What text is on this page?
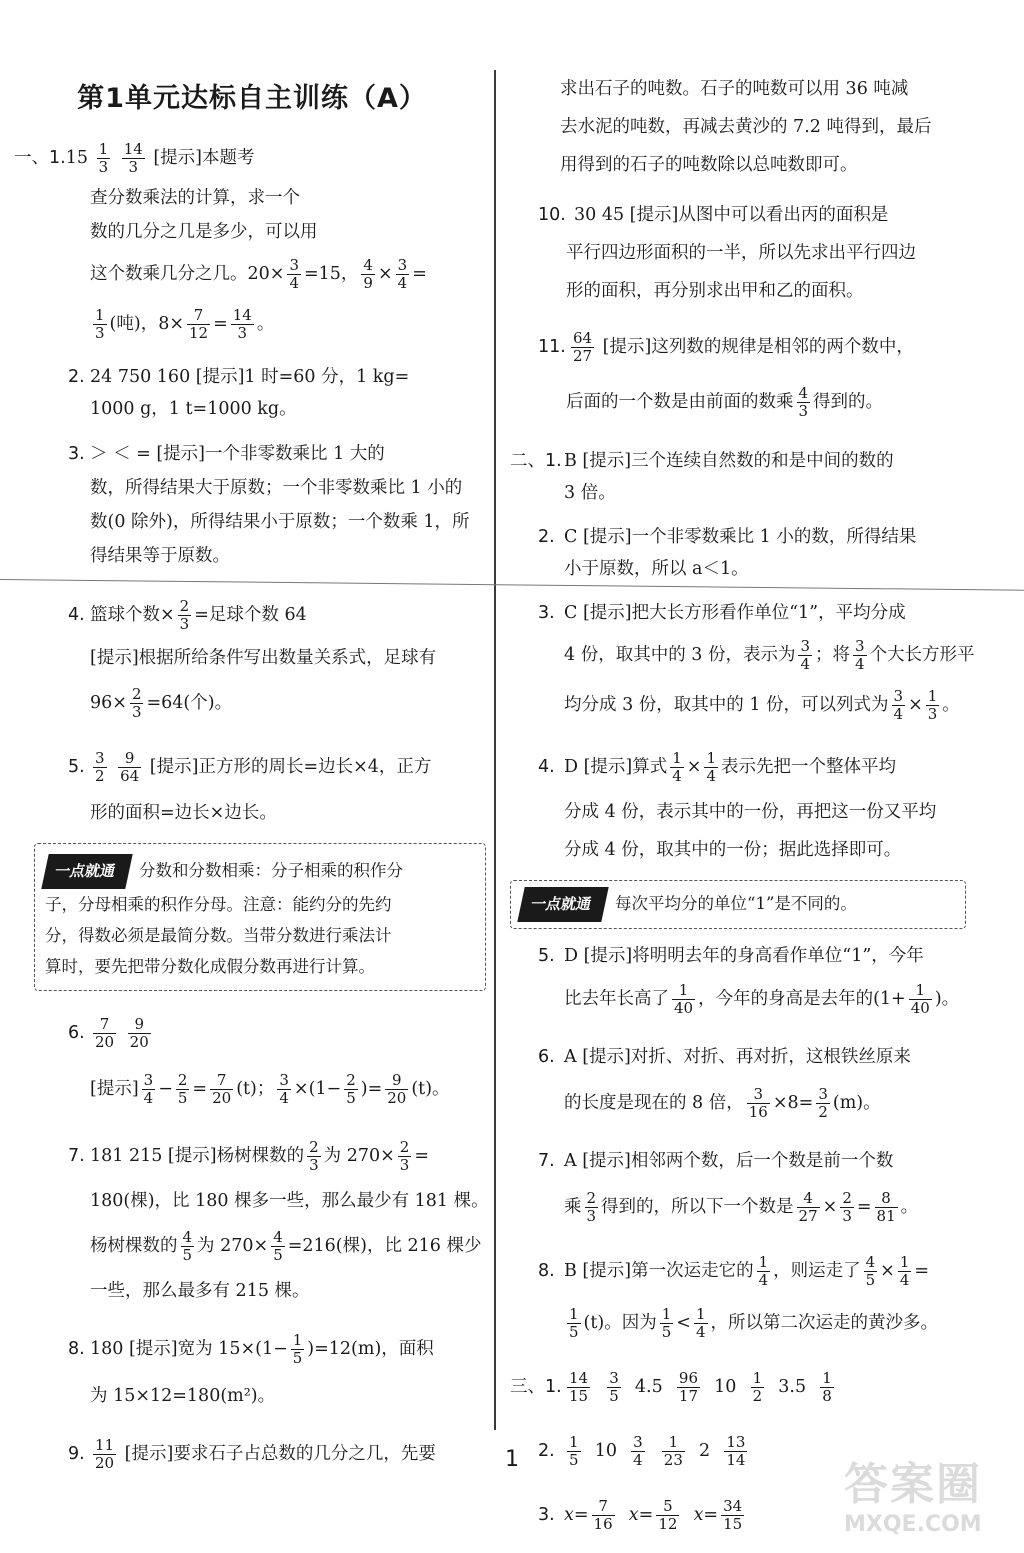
第1单元达标自主训练（A）

一、$1.15 \frac{1}{3}$
$\frac{14}{3}$ [提示]本题考

查分数乘法的计算，求一个

数的几分之几是多少，可以用

这个数乘几分之几。$20\times \frac{3}{4} =15$， $\frac{4}{9} \times \frac{3}{4}$ =

$\frac{1}{3}$ (吨)，$8\times \frac{7}{12} = \frac{14}{3}$ 。

2. 24 750 160 [提示]1 时=60 分，1 kg=

1000 g，1 t=1000 kg。

3. ＞ ＜ = [提示]一个非零数乘比 1 大的

数，所得结果大于原数；一个非零数乘比 1 小的

数(0 除外)，所得结果小于原数；一个数乘 1，所

得结果等于原数。

4. 篮球个数× $\frac{2}{3}$ =足球个数 64

[提示]根据所给条件写出数量关系式，足球有

$96\times \frac{2}{3} =64$(个)。

5. $\frac{3}{2}$
$\frac{9}{64}$ [提示]正方形的周长=边长×4，正方

形的面积=边长×边长。

一点就通 分数和分数相乘：分子相乘的积作分
子，分母相乘的积作分母。注意：能约分的先约
分，得数必须是最简分数。当带分数进行乘法计
算时，要先把带分数化成假分数再进行计算。

6. $\frac{7}{20}$
$\frac{9}{20}$

[提示] $\frac{3}{4} - \frac{2}{5} = \frac{7}{20} (t)$； $\frac{3}{4} \times(1- \frac{2}{5}$ )= $\frac{9}{20} (t)$。

7. 181 215 [提示]杨树棵数的 $\frac{2}{3}$ 为 $270\times \frac{2}{3}$ =

180(棵)，比 180 棵多一些，那么最少有 181 棵。

杨树棵数的 $\frac{4}{5}$ 为 $270\times \frac{4}{5} =216$(棵)，比 216 棵少

一些，那么最多有 215 棵。

8. 180 [提示]宽为 $15\times(1- \frac{1}{5} )=12(m)$，面积

为 15×12=180(m²)。

9. $\frac{11}{20}$ [提示]要求石子占总数的几分之几，先要

求出石子的吨数。石子的吨数可以用 36 吨减

去水泥的吨数，再减去黄沙的 7.2 吨得到，最后

用得到的石子的吨数除以总吨数即可。

10. 30 45 [提示]从图中可以看出丙的面积是

平行四边形面积的一半，所以先求出平行四边

形的面积，再分别求出甲和乙的面积。

11. $\frac{64}{27}$ [提示]这列数的规律是相邻的两个数中，

后面的一个数是由前面的数乘 $\frac{4}{3}$ 得到的。

二、1. B [提示]三个连续自然数的和是中间的数的

3 倍。

2. C [提示]一个非零数乘比 1 小的数，所得结果

小于原数，所以 a＜1。

3. C [提示]把大长方形看作单位“1”，平均分成

4 份，取其中的 3 份，表示为 $\frac{3}{4}$ ；将 $\frac{3}{4}$ 个大长方形平

均分成 3 份，取其中的 1 份，可以列式为 $\frac{3}{4} \times \frac{1}{3}$ 。

4. D [提示]算式 $\frac{1}{4} \times \frac{1}{4}$ 表示先把一个整体平均

分成 4 份，表示其中的一份，再把这一份又平均

分成 4 份，取其中的一份；据此选择即可。

一点就通 每次平均分的单位“1”是不同的。

5. D [提示]将明明去年的身高看作单位“1”，今年

比去年长高了 $\frac{1}{40}$ ，今年的身高是去年的($1+ \frac{1}{40}$ )。

6. A [提示]对折、对折、再对折，这根铁丝原来

的长度是现在的 8 倍， $\frac{3}{16} \times 8= \frac{3}{2} (m)$。

7. A [提示]相邻两个数，后一个数是前一个数

乘 $\frac{2}{3}$ 得到的，所以下一个数是 $\frac{4}{27} \times \frac{2}{3} = \frac{8}{81}$ 。

8. B [提示]第一次运走它的 $\frac{1}{4}$ ，则运走了 $\frac{4}{5} \times \frac{1}{4}$ =

$\frac{1}{5} (t)$。因为 $\frac{1}{5} < \frac{1}{4}$ ，所以第二次运走的黄沙多。

三、1. $\frac{14}{15}$
$\frac{3}{5} 4.5 \frac{96}{17} 10 \frac{1}{2} 3.5 \frac{1}{8}$

2. $\frac{1}{5} 10 \frac{3}{4}$
$\frac{1}{23} 2 \frac{13}{14}$

3. $x= \frac{7}{16} x= \frac{5}{12} x= \frac{34}{15}$

1	答案圈
MXQE.COM
